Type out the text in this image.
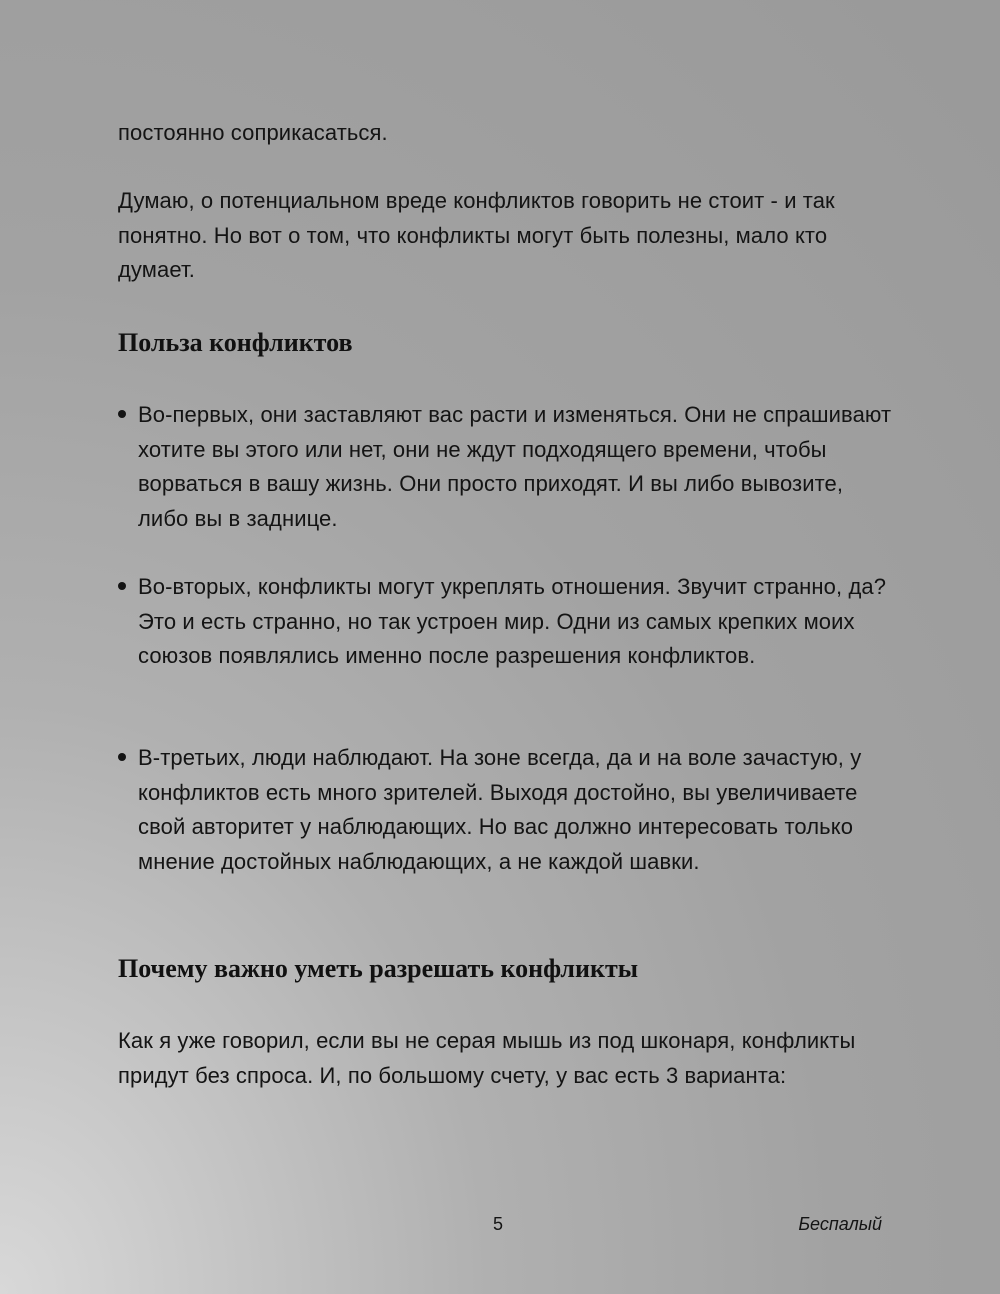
постоянно соприкасаться.

Думаю, о потенциальном вреде конфликтов говорить не стоит - и так понятно. Но вот о том, что конфликты могут быть полезны, мало кто думает.

Польза конфликтов

Во-первых, они заставляют вас расти и изменяться. Они не спрашивают хотите вы этого или нет, они не ждут подходящего времени, чтобы ворваться в вашу жизнь. Они просто приходят. И вы либо вывозите, либо вы в заднице.

Во-вторых, конфликты могут укреплять отношения. Звучит странно, да? Это и есть странно, но так устроен мир. Одни из самых крепких моих союзов появлялись именно после разрешения конфликтов.

В-третьих, люди наблюдают. На зоне всегда, да и на воле зачастую, у конфликтов есть много зрителей. Выходя достойно, вы увеличиваете свой авторитет у наблюдающих. Но вас должно интересовать только мнение достойных наблюдающих, а не каждой шавки.

Почему важно уметь разрешать конфликты

Как я уже говорил, если вы не серая мышь из под шконаря, конфликты придут без спроса. И, по большому счету, у вас есть 3 варианта:

5	Беспалый
